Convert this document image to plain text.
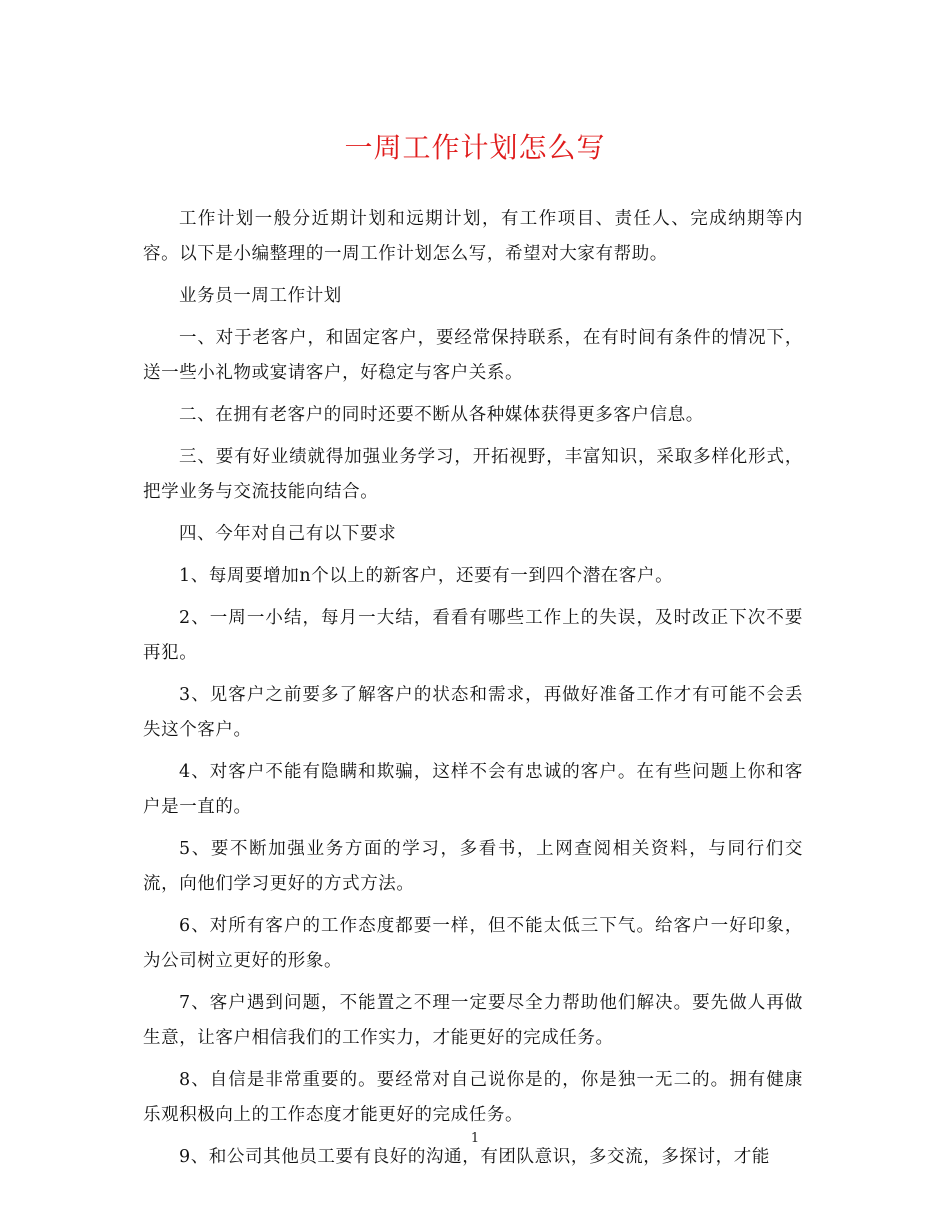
一周工作计划怎么写

工作计划一般分近期计划和远期计划，有工作项目、责任人、完成纳期等内容。以下是小编整理的一周工作计划怎么写，希望对大家有帮助。

业务员一周工作计划

一、对于老客户，和固定客户，要经常保持联系，在有时间有条件的情况下，送一些小礼物或宴请客户，好稳定与客户关系。

二、在拥有老客户的同时还要不断从各种媒体获得更多客户信息。

三、要有好业绩就得加强业务学习，开拓视野，丰富知识，采取多样化形式，把学业务与交流技能向结合。

四、今年对自己有以下要求

1、每周要增加n个以上的新客户，还要有一到四个潜在客户。

2、一周一小结，每月一大结，看看有哪些工作上的失误，及时改正下次不要再犯。

3、见客户之前要多了解客户的状态和需求，再做好准备工作才有可能不会丢失这个客户。

4、对客户不能有隐瞒和欺骗，这样不会有忠诚的客户。在有些问题上你和客户是一直的。

5、要不断加强业务方面的学习，多看书，上网查阅相关资料，与同行们交流，向他们学习更好的方式方法。

6、对所有客户的工作态度都要一样，但不能太低三下气。给客户一好印象，为公司树立更好的形象。

7、客户遇到问题，不能置之不理一定要尽全力帮助他们解决。要先做人再做生意，让客户相信我们的工作实力，才能更好的完成任务。

8、自信是非常重要的。要经常对自己说你是的，你是独一无二的。拥有健康乐观积极向上的工作态度才能更好的完成任务。

9、和公司其他员工要有良好的沟通，有团队意识，多交流，多探讨，才能

1
